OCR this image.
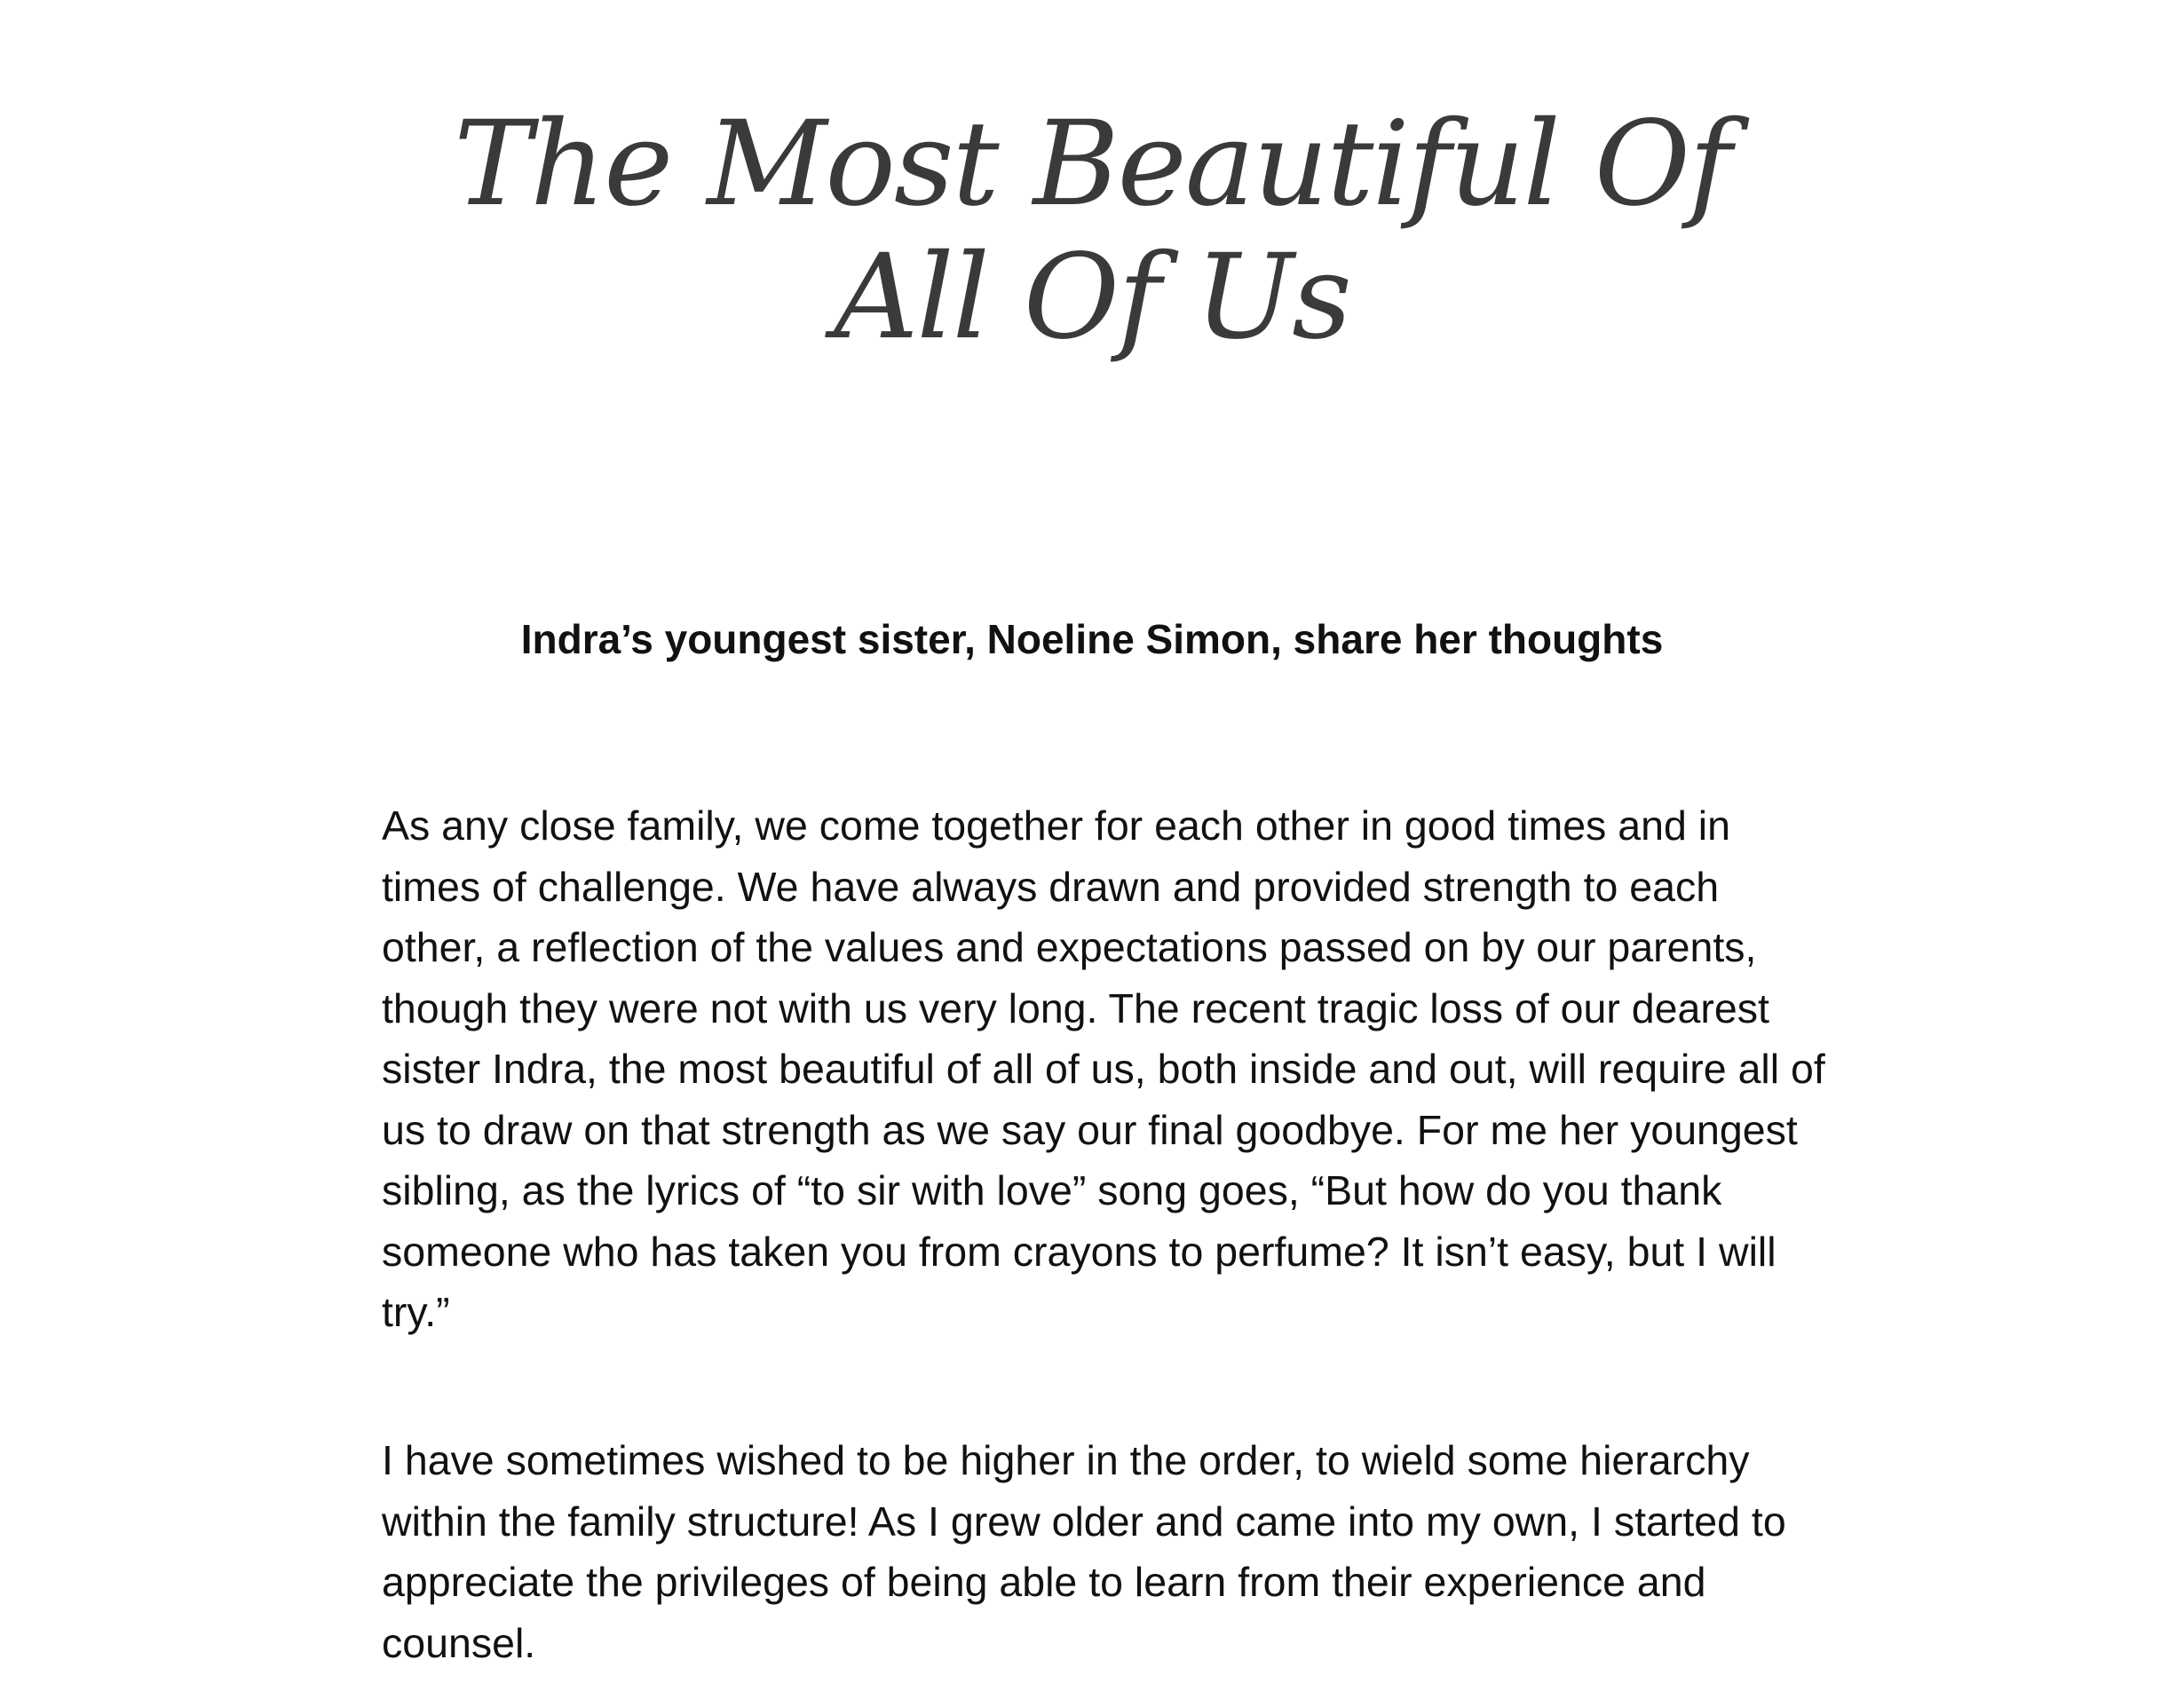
The Most Beautiful Of
All Of Us
Indra’s youngest sister, Noeline Simon, share her thoughts

As any close family, we come together for each other in good times and in
times of challenge. We have always drawn and provided strength to each
other, a reflection of the values and expectations passed on by our parents,
though they were not with us very long. The recent tragic loss of our dearest
sister Indra, the most beautiful of all of us, both inside and out, will require all of
us to draw on that strength as we say our final goodbye. For me her youngest
sibling, as the lyrics of “to sir with love” song goes, “But how do you thank
someone who has taken you from crayons to perfume? It isn’t easy, but I will
try.”

I have sometimes wished to be higher in the order, to wield some hierarchy
within the family structure! As I grew older and came into my own, I started to
appreciate the privileges of being able to learn from their experience and
counsel.
